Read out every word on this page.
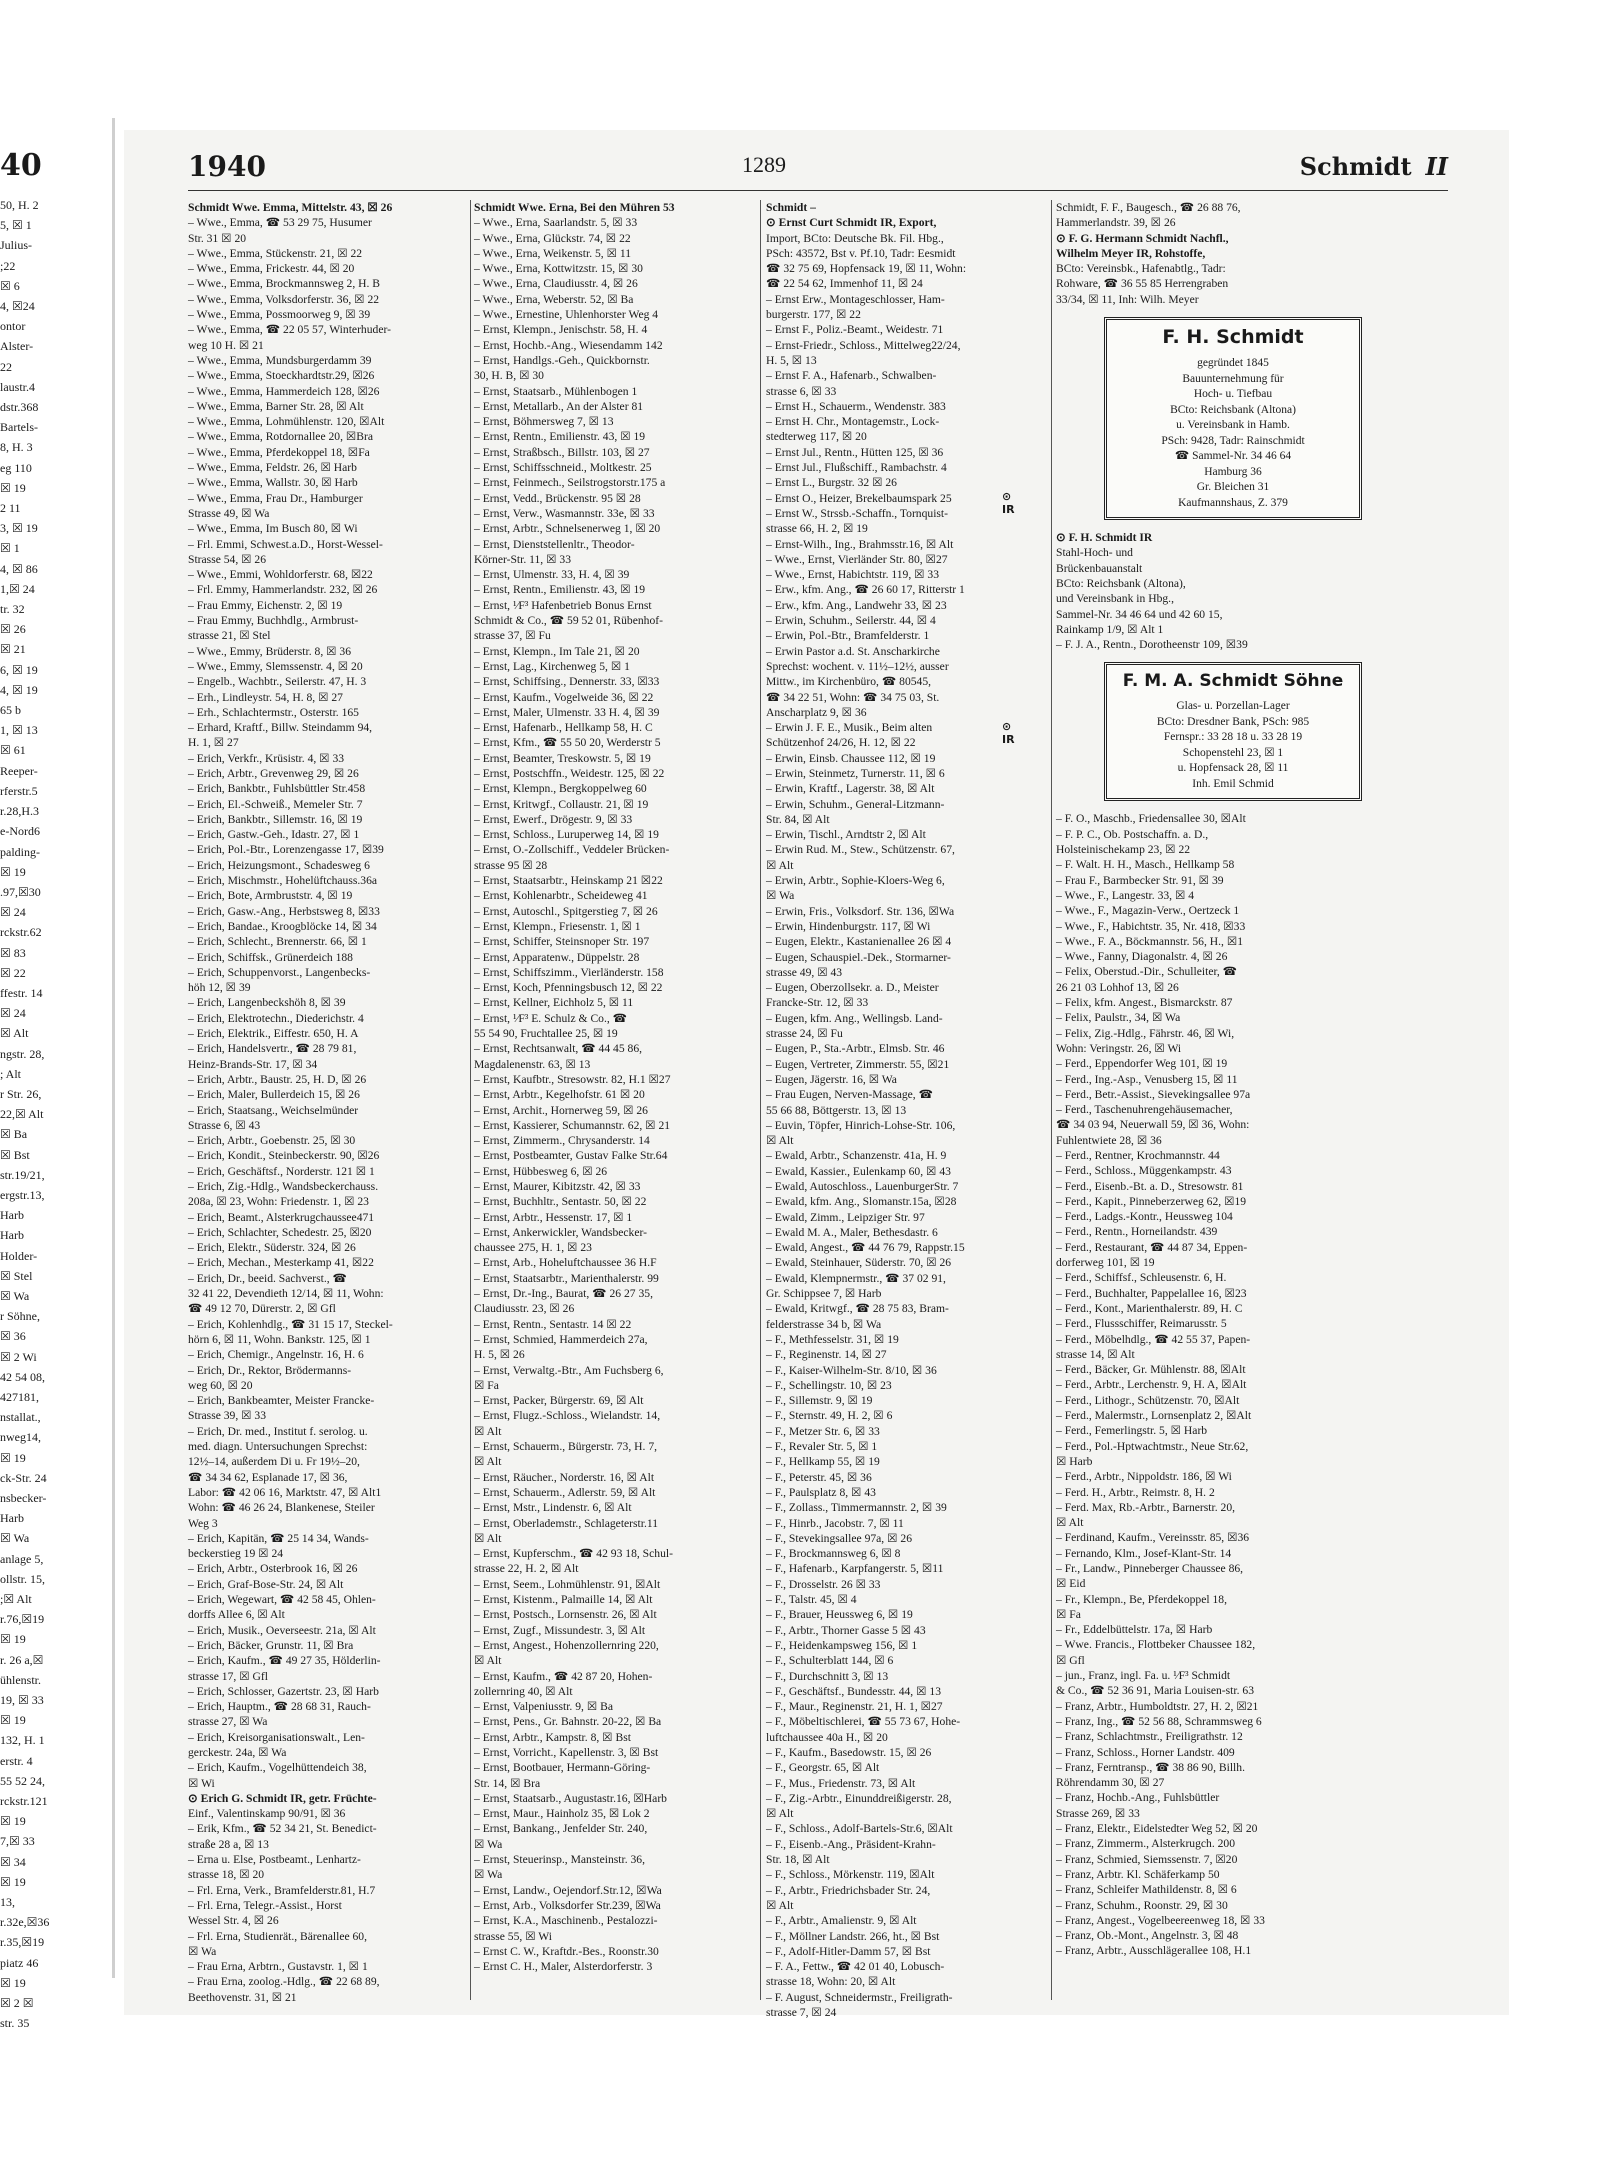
40
50, H. 2
5, ☒ 1
Julius-
;22
☒ 6
4, ☒24
ontor
Alster-
22
laustr.4
dstr.368
Bartels-
8, H. 3
eg 110
☒ 19
2 11
3, ☒ 19
☒ 1
4, ☒ 86
1,☒ 24
tr. 32
☒ 26
☒ 21
6, ☒ 19
4, ☒ 19
65 b
1, ☒ 13
☒ 61
Reeper-
rferstr.5
r.28,H.3
e-Nord6
palding-
☒ 19
.97,☒30
☒ 24
rckstr.62
☒ 83
☒ 22
ffestr. 14
☒ 24
☒ Alt
ngstr. 28,
; Alt
r Str. 26,
22,☒ Alt
☒ Ba
☒ Bst
str.19/21,
ergstr.13,
Harb
Harb
Holder-
☒ Stel
☒ Wa
r Söhne,
☒ 36
☒ 2 Wi
42 54 08,
427181,
nstallat.,
nweg14,
☒ 19
ck-Str. 24
nsbecker-
Harb
☒ Wa
anlage 5,
ollstr. 15,
;☒ Alt
r.76,☒19
☒ 19
r. 26 a,☒
ühlenstr.
19, ☒ 33
☒ 19
132, H. 1
erstr. 4
55 52 24,
rckstr.121
☒ 19
7,☒ 33
☒ 34
☒ 19
13,
r.32e,☒36
r.35,☒19
piatz 46
☒ 19
☒ 2 ☒
str. 35
1940	1289	Schmidt II
Schmidt Wwe. Emma, Mittelstr. 43, ☒ 26
– Wwe., Emma, ☎ 53 29 75, Husumer
Str. 31 ☒ 20
– Wwe., Emma, Stückenstr. 21, ☒ 22
– Wwe., Emma, Frickestr. 44, ☒ 20
– Wwe., Emma, Brockmannsweg 2, H. B
– Wwe., Emma, Volksdorferstr. 36, ☒ 22
– Wwe., Emma, Possmoorweg 9, ☒ 39
– Wwe., Emma, ☎ 22 05 57, Winterhuder-
weg 10 H. ☒ 21
– Wwe., Emma, Mundsburgerdamm 39
– Wwe., Emma, Stoeckhardtstr.29, ☒26
– Wwe., Emma, Hammerdeich 128, ☒26
– Wwe., Emma, Barner Str. 28, ☒ Alt
– Wwe., Emma, Lohmühlenstr. 120, ☒Alt
– Wwe., Emma, Rotdornallee 20, ☒Bra
– Wwe., Emma, Pferdekoppel 18, ☒Fa
– Wwe., Emma, Feldstr. 26, ☒ Harb
– Wwe., Emma, Wallstr. 30, ☒ Harb
– Wwe., Emma, Frau Dr., Hamburger
Strasse 49, ☒ Wa
– Wwe., Emma, Im Busch 80, ☒ Wi
– Frl. Emmi, Schwest.a.D., Horst-Wessel-
Strasse 54, ☒ 26
– Wwe., Emmi, Wohldorferstr. 68, ☒22
– Frl. Emmy, Hammerlandstr. 232, ☒ 26
– Frau Emmy, Eichenstr. 2, ☒ 19
– Frau Emmy, Buchhdlg., Armbrust-
strasse 21, ☒ Stel
– Wwe., Emmy, Brüderstr. 8, ☒ 36
– Wwe., Emmy, Slemssenstr. 4, ☒ 20
– Engelb., Wachbtr., Seilerstr. 47, H. 3
– Erh., Lindleystr. 54, H. 8, ☒ 27
– Erh., Schlachtermstr., Osterstr. 165
– Erhard, Kraftf., Billw. Steindamm 94,
H. 1, ☒ 27
– Erich, Verkfr., Krüsistr. 4, ☒ 33
– Erich, Arbtr., Grevenweg 29, ☒ 26
– Erich, Bankbtr., Fuhlsbüttler Str.458
– Erich, El.-Schweiß., Memeler Str. 7
– Erich, Bankbtr., Sillemstr. 16, ☒ 19
– Erich, Gastw.-Geh., Idastr. 27, ☒ 1
– Erich, Pol.-Btr., Lorenzengasse 17, ☒39
– Erich, Heizungsmont., Schadesweg 6
– Erich, Mischmstr., Hohelüftchauss.36a
– Erich, Bote, Armbruststr. 4, ☒ 19
– Erich, Gasw.-Ang., Herbstsweg 8, ☒33
– Erich, Bandae., Kroogblöcke 14, ☒ 34
– Erich, Schlecht., Brennerstr. 66, ☒ 1
– Erich, Schiffsk., Grünerdeich 188
– Erich, Schuppenvorst., Langenbecks-
höh 12, ☒ 39
– Erich, Langenbeckshöh 8, ☒ 39
– Erich, Elektrotechn., Diederichstr. 4
– Erich, Elektrik., Eiffestr. 650, H. A
– Erich, Handelsvertr., ☎ 28 79 81,
Heinz-Brands-Str. 17, ☒ 34
– Erich, Arbtr., Baustr. 25, H. D, ☒ 26
– Erich, Maler, Bullerdeich 15, ☒ 26
– Erich, Staatsang., Weichselmünder
Strasse 6, ☒ 43
– Erich, Arbtr., Goebenstr. 25, ☒ 30
– Erich, Kondit., Steinbeckerstr. 90, ☒26
– Erich, Geschäftsf., Norderstr. 121 ☒ 1
– Erich, Zig.-Hdlg., Wandsbeckerchauss.
208a, ☒ 23, Wohn: Friedenstr. 1, ☒ 23
– Erich, Beamt., Alsterkrugchaussee471
– Erich, Schlachter, Schedestr. 25, ☒20
– Erich, Elektr., Süderstr. 324, ☒ 26
– Erich, Mechan., Mesterkamp 41, ☒22
– Erich, Dr., beeid. Sachverst., ☎
32 41 22, Devendieth 12/14, ☒ 11, Wohn:
☎ 49 12 70, Dürerstr. 2, ☒ Gfl
– Erich, Kohlenhdlg., ☎ 31 15 17, Steckel-
hörn 6, ☒ 11, Wohn. Bankstr. 125, ☒ 1
– Erich, Chemigr., Angelnstr. 16, H. 6
– Erich, Dr., Rektor, Brödermanns-
weg 60, ☒ 20
– Erich, Bankbeamter, Meister Francke-
Strasse 39, ☒ 33
– Erich, Dr. med., Institut f. serolog. u.
med. diagn. Untersuchungen Sprechst:
12½–14, außerdem Di u. Fr 19½–20,
☎ 34 34 62, Esplanade 17, ☒ 36,
Labor: ☎ 42 06 16, Marktstr. 47, ☒ Alt1
Wohn: ☎ 46 26 24, Blankenese, Steiler
Weg 3
– Erich, Kapitän, ☎ 25 14 34, Wands-
beckerstieg 19 ☒ 24
– Erich, Arbtr., Osterbrook 16, ☒ 26
– Erich, Graf-Bose-Str. 24, ☒ Alt
– Erich, Wegewart, ☎ 42 58 45, Ohlen-
dorffs Allee 6, ☒ Alt
– Erich, Musik., Oeverseestr. 21a, ☒ Alt
– Erich, Bäcker, Grunstr. 11, ☒ Bra
– Erich, Kaufm., ☎ 49 27 35, Hölderlin-
strasse 17, ☒ Gfl
– Erich, Schlosser, Gazertstr. 23, ☒ Harb
– Erich, Hauptm., ☎ 28 68 31, Rauch-
strasse 27, ☒ Wa
– Erich, Kreisorganisationswalt., Len-
gerckestr. 24a, ☒ Wa
– Erich, Kaufm., Vogelhüttendeich 38,
☒ Wi
⊙ Erich G. Schmidt IR, getr. Früchte-
Einf., Valentinskamp 90/91, ☒ 36
– Erik, Kfm., ☎ 52 34 21, St. Benedict-
straße 28 a, ☒ 13
– Erna u. Else, Postbeamt., Lenhartz-
strasse 18, ☒ 20
– Frl. Erna, Verk., Bramfelderstr.81, H.7
– Frl. Erna, Telegr.-Assist., Horst
Wessel Str. 4, ☒ 26
– Frl. Erna, Studienrät., Bärenallee 60,
☒ Wa
– Frau Erna, Arbtrn., Gustavstr. 1, ☒ 1
– Frau Erna, zoolog.-Hdlg., ☎ 22 68 89,
Beethovenstr. 31, ☒ 21
Schmidt Wwe. Erna, Bei den Mühren 53
– Wwe., Erna, Saarlandstr. 5, ☒ 33
– Wwe., Erna, Glückstr. 74, ☒ 22
– Wwe., Erna, Weikenstr. 5, ☒ 11
– Wwe., Erna, Kottwitzstr. 15, ☒ 30
– Wwe., Erna, Claudiusstr. 4, ☒ 26
– Wwe., Erna, Weberstr. 52, ☒ Ba
– Wwe., Ernestine, Uhlenhorster Weg 4
– Ernst, Klempn., Jenischstr. 58, H. 4
– Ernst, Hochb.-Ang., Wiesendamm 142
– Ernst, Handlgs.-Geh., Quickbornstr.
30, H. B, ☒ 30
– Ernst, Staatsarb., Mühlenbogen 1
– Ernst, Metallarb., An der Alster 81
– Ernst, Böhmersweg 7, ☒ 13
– Ernst, Rentn., Emilienstr. 43, ☒ 19
– Ernst, Straßbsch., Billstr. 103, ☒ 27
– Ernst, Schiffsschneid., Moltkestr. 25
– Ernst, Feinmech., Seilstrogstorstr.175 a
– Ernst, Vedd., Brückenstr. 95 ☒ 28
– Ernst, Verw., Wasmannstr. 33e, ☒ 33
– Ernst, Arbtr., Schnelsenerweg 1, ☒ 20
– Ernst, Dienststellenltr., Theodor-
Körner-Str. 11, ☒ 33
– Ernst, Ulmenstr. 33, H. 4, ☒ 39
– Ernst, Rentn., Emilienstr. 43, ☒ 19
– Ernst, ¹⁄F³ Hafenbetrieb Bonus Ernst
Schmidt & Co., ☎ 59 52 01, Rübenhof-
strasse 37, ☒ Fu
– Ernst, Klempn., Im Tale 21, ☒ 20
– Ernst, Lag., Kirchenweg 5, ☒ 1
– Ernst, Schiffsing., Dennerstr. 33, ☒33
– Ernst, Kaufm., Vogelweide 36, ☒ 22
– Ernst, Maler, Ulmenstr. 33 H. 4, ☒ 39
– Ernst, Hafenarb., Hellkamp 58, H. C
– Ernst, Kfm., ☎ 55 50 20, Werderstr 5
– Ernst, Beamter, Treskowstr. 5, ☒ 19
– Ernst, Postschffn., Weidestr. 125, ☒ 22
– Ernst, Klempn., Bergkoppelweg 60
– Ernst, Kritwgf., Collaustr. 21, ☒ 19
– Ernst, Ewerf., Drögestr. 9, ☒ 33
– Ernst, Schloss., Luruperweg 14, ☒ 19
– Ernst, O.-Zollschiff., Veddeler Brücken-
strasse 95 ☒ 28
– Ernst, Staatsarbtr., Heinskamp 21 ☒22
– Ernst, Kohlenarbtr., Scheideweg 41
– Ernst, Autoschl., Spitgerstieg 7, ☒ 26
– Ernst, Klempn., Friesenstr. 1, ☒ 1
– Ernst, Schiffer, Steinsnoper Str. 197
– Ernst, Apparatenw., Düppelstr. 28
– Ernst, Schiffszimm., Vierländerstr. 158
– Ernst, Koch, Pfenningsbusch 12, ☒ 22
– Ernst, Kellner, Eichholz 5, ☒ 11
– Ernst, ¹⁄F³ E. Schulz & Co., ☎
55 54 90, Fruchtallee 25, ☒ 19
– Ernst, Rechtsanwalt, ☎ 44 45 86,
Magdalenenstr. 63, ☒ 13
– Ernst, Kaufbtr., Stresowstr. 82, H.1 ☒27
– Ernst, Arbtr., Kegelhofstr. 61 ☒ 20
– Ernst, Archit., Hornerweg 59, ☒ 26
– Ernst, Kassierer, Schumannstr. 62, ☒ 21
– Ernst, Zimmerm., Chrysanderstr. 14
– Ernst, Postbeamter, Gustav Falke Str.64
– Ernst, Hübbesweg 6, ☒ 26
– Ernst, Maurer, Kibitzstr. 42, ☒ 33
– Ernst, Buchhltr., Sentastr. 50, ☒ 22
– Ernst, Arbtr., Hessenstr. 17, ☒ 1
– Ernst, Ankerwickler, Wandsbecker-
chaussee 275, H. 1, ☒ 23
– Ernst, Arb., Hoheluftchaussee 36 H.F
– Ernst, Staatsarbtr., Marienthalerstr. 99
– Ernst, Dr.-Ing., Baurat, ☎ 26 27 35,
Claudiusstr. 23, ☒ 26
– Ernst, Rentn., Sentastr. 14 ☒ 22
– Ernst, Schmied, Hammerdeich 27a,
H. 5, ☒ 26
– Ernst, Verwaltg.-Btr., Am Fuchsberg 6,
☒ Fa
– Ernst, Packer, Bürgerstr. 69, ☒ Alt
– Ernst, Flugz.-Schloss., Wielandstr. 14,
☒ Alt
– Ernst, Schauerm., Bürgerstr. 73, H. 7,
☒ Alt
– Ernst, Räucher., Norderstr. 16, ☒ Alt
– Ernst, Schauerm., Adlerstr. 59, ☒ Alt
– Ernst, Mstr., Lindenstr. 6, ☒ Alt
– Ernst, Oberlademstr., Schlageterstr.11
☒ Alt
– Ernst, Kupferschm., ☎ 42 93 18, Schul-
strasse 22, H. 2, ☒ Alt
– Ernst, Seem., Lohmühlenstr. 91, ☒Alt
– Ernst, Kistenm., Palmaille 14, ☒ Alt
– Ernst, Postsch., Lornsenstr. 26, ☒ Alt
– Ernst, Zugf., Missundestr. 3, ☒ Alt
– Ernst, Angest., Hohenzollernring 220,
☒ Alt
– Ernst, Kaufm., ☎ 42 87 20, Hohen-
zollernring 40, ☒ Alt
– Ernst, Valpeniusstr. 9, ☒ Ba
– Ernst, Pens., Gr. Bahnstr. 20-22, ☒ Ba
– Ernst, Arbtr., Kampstr. 8, ☒ Bst
– Ernst, Vorricht., Kapellenstr. 3, ☒ Bst
– Ernst, Bootbauer, Hermann-Göring-
Str. 14, ☒ Bra
– Ernst, Staatsarb., Augustastr.16, ☒Harb
– Ernst, Maur., Hainholz 35, ☒ Lok 2
– Ernst, Bankang., Jenfelder Str. 240,
☒ Wa
– Ernst, Steuerinsp., Mansteinstr. 36,
☒ Wa
– Ernst, Landw., Oejendorf.Str.12, ☒Wa
– Ernst, Arb., Volksdorfer Str.239, ☒Wa
– Ernst, K.A., Maschinenb., Pestalozzi-
strasse 55, ☒ Wi
– Ernst C. W., Kraftdr.-Bes., Roonstr.30
– Ernst C. H., Maler, Alsterdorferstr. 3
Schmidt –
⊙ Ernst Curt Schmidt IR, Export,
Import, BCto: Deutsche Bk. Fil. Hbg.,
PSch: 43572, Bst v. Pf.10, Tadr: Eesmidt
☎ 32 75 69, Hopfensack 19, ☒ 11, Wohn:
☎ 22 54 62, Immenhof 11, ☒ 24
– Ernst Erw., Montageschlosser, Ham-
burgerstr. 177, ☒ 22
– Ernst F., Poliz.-Beamt., Weidestr. 71
– Ernst-Friedr., Schloss., Mittelweg22/24,
H. 5, ☒ 13
– Ernst F. A., Hafenarb., Schwalben-
strasse 6, ☒ 33
– Ernst H., Schauerm., Wendenstr. 383
– Ernst H. Chr., Montagemstr., Lock-
stedterweg 117, ☒ 20
– Ernst Jul., Rentn., Hütten 125, ☒ 36
– Ernst Jul., Flußschiff., Rambachstr. 4
– Ernst L., Burgstr. 32 ☒ 26
– Ernst O., Heizer, Brekelbaumspark 25
– Ernst W., Strssb.-Schaffn., Tornquist-
strasse 66, H. 2, ☒ 19
– Ernst-Wilh., Ing., Brahmsstr.16, ☒ Alt
– Wwe., Ernst, Vierländer Str. 80, ☒27
– Wwe., Ernst, Habichtstr. 119, ☒ 33
– Erw., kfm. Ang., ☎ 26 60 17, Ritterstr 1
– Erw., kfm. Ang., Landwehr 33, ☒ 23
– Erwin, Schuhm., Seilerstr. 44, ☒ 4
– Erwin, Pol.-Btr., Bramfelderstr. 1
– Erwin Pastor a.d. St. Anscharkirche
Sprechst: wochent. v. 11½–12½, ausser
Mittw., im Kirchenbüro, ☎ 80545,
☎ 34 22 51, Wohn: ☎ 34 75 03, St.
Anscharplatz 9, ☒ 36
– Erwin J. F. E., Musik., Beim alten
Schützenhof 24/26, H. 12, ☒ 22
– Erwin, Einsb. Chaussee 112, ☒ 19
– Erwin, Steinmetz, Turnerstr. 11, ☒ 6
– Erwin, Kraftf., Lagerstr. 38, ☒ Alt
– Erwin, Schuhm., General-Litzmann-
Str. 84, ☒ Alt
– Erwin, Tischl., Arndtstr 2, ☒ Alt
– Erwin Rud. M., Stew., Schützenstr. 67,
☒ Alt
– Erwin, Arbtr., Sophie-Kloers-Weg 6,
☒ Wa
– Erwin, Fris., Volksdorf. Str. 136, ☒Wa
– Erwin, Hindenburgstr. 117, ☒ Wi
– Eugen, Elektr., Kastanienallee 26 ☒ 4
– Eugen, Schauspiel.-Dek., Stormarner-
strasse 49, ☒ 43
– Eugen, Oberzollsekr. a. D., Meister
Francke-Str. 12, ☒ 33
– Eugen, kfm. Ang., Wellingsb. Land-
strasse 24, ☒ Fu
– Eugen, P., Sta.-Arbtr., Elmsb. Str. 46
– Eugen, Vertreter, Zimmerstr. 55, ☒21
– Eugen, Jägerstr. 16, ☒ Wa
– Frau Eugen, Nerven-Massage, ☎
55 66 88, Böttgerstr. 13, ☒ 13
– Euvin, Töpfer, Hinrich-Lohse-Str. 106,
☒ Alt
– Ewald, Arbtr., Schanzenstr. 41a, H. 9
– Ewald, Kassier., Eulenkamp 60, ☒ 43
– Ewald, Autoschloss., LauenburgerStr. 7
– Ewald, kfm. Ang., Slomanstr.15a, ☒28
– Ewald, Zimm., Leipziger Str. 97
– Ewald M. A., Maler, Bethesdastr. 6
– Ewald, Angest., ☎ 44 76 79, Rappstr.15
– Ewald, Steinhauer, Süderstr. 70, ☒ 26
– Ewald, Klempnermstr., ☎ 37 02 91,
Gr. Schippsee 7, ☒ Harb
– Ewald, Kritwgf., ☎ 28 75 83, Bram-
felderstrasse 34 b, ☒ Wa
– F., Methfesselstr. 31, ☒ 19
– F., Reginenstr. 14, ☒ 27
– F., Kaiser-Wilhelm-Str. 8/10, ☒ 36
– F., Schellingstr. 10, ☒ 23
– F., Sillemstr. 9, ☒ 19
– F., Sternstr. 49, H. 2, ☒ 6
– F., Metzer Str. 6, ☒ 33
– F., Revaler Str. 5, ☒ 1
– F., Hellkamp 55, ☒ 19
– F., Peterstr. 45, ☒ 36
– F., Paulsplatz 8, ☒ 43
– F., Zollass., Timmermannstr. 2, ☒ 39
– F., Hinrb., Jacobstr. 7, ☒ 11
– F., Stevekingsallee 97a, ☒ 26
– F., Brockmannsweg 6, ☒ 8
– F., Hafenarb., Karpfangerstr. 5, ☒11
– F., Drosselstr. 26 ☒ 33
– F., Talstr. 45, ☒ 4
– F., Brauer, Heussweg 6, ☒ 19
– F., Arbtr., Thorner Gasse 5 ☒ 43
– F., Heidenkampsweg 156, ☒ 1
– F., Schulterblatt 144, ☒ 6
– F., Durchschnitt 3, ☒ 13
– F., Geschäftsf., Bundesstr. 44, ☒ 13
– F., Maur., Reginenstr. 21, H. 1, ☒27
– F., Möbeltischlerei, ☎ 55 73 67, Hohe-
luftchaussee 40a H., ☒ 20
– F., Kaufm., Basedowstr. 15, ☒ 26
– F., Georgstr. 65, ☒ Alt
– F., Mus., Friedenstr. 73, ☒ Alt
– F., Zig.-Arbtr., Einunddreißigerstr. 28,
☒ Alt
– F., Schloss., Adolf-Bartels-Str.6, ☒Alt
– F., Eisenb.-Ang., Präsident-Krahn-
Str. 18, ☒ Alt
– F., Schloss., Mörkenstr. 119, ☒Alt
– F., Arbtr., Friedrichsbader Str. 24,
☒ Alt
– F., Arbtr., Amalienstr. 9, ☒ Alt
– F., Möllner Landstr. 266, ht., ☒ Bst
– F., Adolf-Hitler-Damm 57, ☒ Bst
– F. A., Fettw., ☎ 42 01 40, Lobusch-
strasse 18, Wohn: 20, ☒ Alt
– F. August, Schneidermstr., Freiligrath-
strasse 7, ☒ 24
Schmidt, F. F., Baugesch., ☎ 26 88 76,
Hammerlandstr. 39, ☒ 26
⊙ F. G. Hermann Schmidt Nachfl.,
Wilhelm Meyer IR, Rohstoffe,
BCto: Vereinsbk., Hafenabtlg., Tadr:
Rohware, ☎ 36 55 85 Herrengraben
33/34, ☒ 11, Inh: Wilh. Meyer
F. H. Schmidt
gegründet 1845
Bauunternehmung für
Hoch- u. Tiefbau
BCto: Reichsbank (Altona)
u. Vereinsbank in Hamb.
PSch: 9428, Tadr: Rainschmidt
☎ Sammel-Nr. 34 46 64
Hamburg 36
Gr. Bleichen 31
Kaufmannshaus, Z. 379
⊙ F. H. Schmidt IR
Stahl-Hoch- und
Brückenbauanstalt
BCto: Reichsbank (Altona),
und Vereinsbank in Hbg.,
Sammel-Nr. 34 46 64 und 42 60 15,
Rainkamp 1/9, ☒ Alt 1
– F. J. A., Rentn., Dorotheenstr 109, ☒39
F. M. A. Schmidt Söhne
Glas- u. Porzellan-Lager
BCto: Dresdner Bank, PSch: 985
Fernspr.: 33 28 18 u. 33 28 19
Schopenstehl 23, ☒ 1
u. Hopfensack 28, ☒ 11
Inh. Emil Schmid
– F. O., Maschb., Friedensallee 30, ☒Alt
– F. P. C., Ob. Postschaffn. a. D.,
Holsteinischekamp 23, ☒ 22
– F. Walt. H. H., Masch., Hellkamp 58
– Frau F., Barmbecker Str. 91, ☒ 39
– Wwe., F., Langestr. 33, ☒ 4
– Wwe., F., Magazin-Verw., Oertzeck 1
– Wwe., F., Habichtstr. 35, Nr. 418, ☒33
– Wwe., F. A., Böckmannstr. 56, H., ☒1
– Wwe., Fanny, Diagonalstr. 4, ☒ 26
– Felix, Oberstud.-Dir., Schulleiter, ☎
26 21 03 Lohhof 13, ☒ 26
– Felix, kfm. Angest., Bismarckstr. 87
– Felix, Paulstr., 34, ☒ Wa
– Felix, Zig.-Hdlg., Fährstr. 46, ☒ Wi,
Wohn: Veringstr. 26, ☒ Wi
– Ferd., Eppendorfer Weg 101, ☒ 19
– Ferd., Ing.-Asp., Venusberg 15, ☒ 11
– Ferd., Betr.-Assist., Sievekingsallee 97a
– Ferd., Taschenuhrengehäusemacher,
☎ 34 03 94, Neuerwall 59, ☒ 36, Wohn:
Fuhlentwiete 28, ☒ 36
– Ferd., Rentner, Krochmannstr. 44
– Ferd., Schloss., Müggenkampstr. 43
– Ferd., Eisenb.-Bt. a. D., Stresowstr. 81
– Ferd., Kapit., Pinneberzerweg 62, ☒19
– Ferd., Ladgs.-Kontr., Heussweg 104
– Ferd., Rentn., Horneilandstr. 439
– Ferd., Restaurant, ☎ 44 87 34, Eppen-
dorferweg 101, ☒ 19
– Ferd., Schiffsf., Schleusenstr. 6, H.
– Ferd., Buchhalter, Pappelallee 16, ☒23
– Ferd., Kont., Marienthalerstr. 89, H. C
– Ferd., Flussschiffer, Reimarusstr. 5
– Ferd., Möbelhdlg., ☎ 42 55 37, Papen-
strasse 14, ☒ Alt
– Ferd., Bäcker, Gr. Mühlenstr. 88, ☒Alt
– Ferd., Arbtr., Lerchenstr. 9, H. A, ☒Alt
– Ferd., Lithogr., Schützenstr. 70, ☒Alt
– Ferd., Malermstr., Lornsenplatz 2, ☒Alt
– Ferd., Femerlingstr. 5, ☒ Harb
– Ferd., Pol.-Hptwachtmstr., Neue Str.62,
☒ Harb
– Ferd., Arbtr., Nippoldstr. 186, ☒ Wi
– Ferd. H., Arbtr., Reimstr. 8, H. 2
– Ferd. Max, Rb.-Arbtr., Barnerstr. 20,
☒ Alt
– Ferdinand, Kaufm., Vereinsstr. 85, ☒36
– Fernando, Klm., Josef-Klant-Str. 14
– Fr., Landw., Pinneberger Chaussee 86,
☒ Eid
– Fr., Klempn., Be, Pferdekoppel 18,
☒ Fa
– Fr., Eddelbüttelstr. 17a, ☒ Harb
– Wwe. Francis., Flottbeker Chaussee 182,
☒ Gfl
– jun., Franz, ingl. Fa. u. ¹⁄F³ Schmidt
& Co., ☎ 52 36 91, Maria Louisen-str. 63
– Franz, Arbtr., Humboldtstr. 27, H. 2, ☒21
– Franz, Ing., ☎ 52 56 88, Schrammsweg 6
– Franz, Schlachtmstr., Freiligrathstr. 12
– Franz, Schloss., Horner Landstr. 409
– Franz, Ferntransp., ☎ 38 86 90, Billh.
Röhrendamm 30, ☒ 27
– Franz, Hochb.-Ang., Fuhlsbüttler
Strasse 269, ☒ 33
– Franz, Elektr., Eidelstedter Weg 52, ☒ 20
– Franz, Zimmerm., Alsterkrugch. 200
– Franz, Schmied, Siemssenstr. 7, ☒20
– Franz, Arbtr. Kl. Schäferkamp 50
– Franz, Schleifer Mathildenstr. 8, ☒ 6
– Franz, Schuhm., Roonstr. 29, ☒ 30
– Franz, Angest., Vogelbeereenweg 18, ☒ 33
– Franz, Ob.-Mont., Angelnstr. 3, ☒ 48
– Franz, Arbtr., Ausschlägerallee 108, H.1
⊙
IR
⊙
IR
